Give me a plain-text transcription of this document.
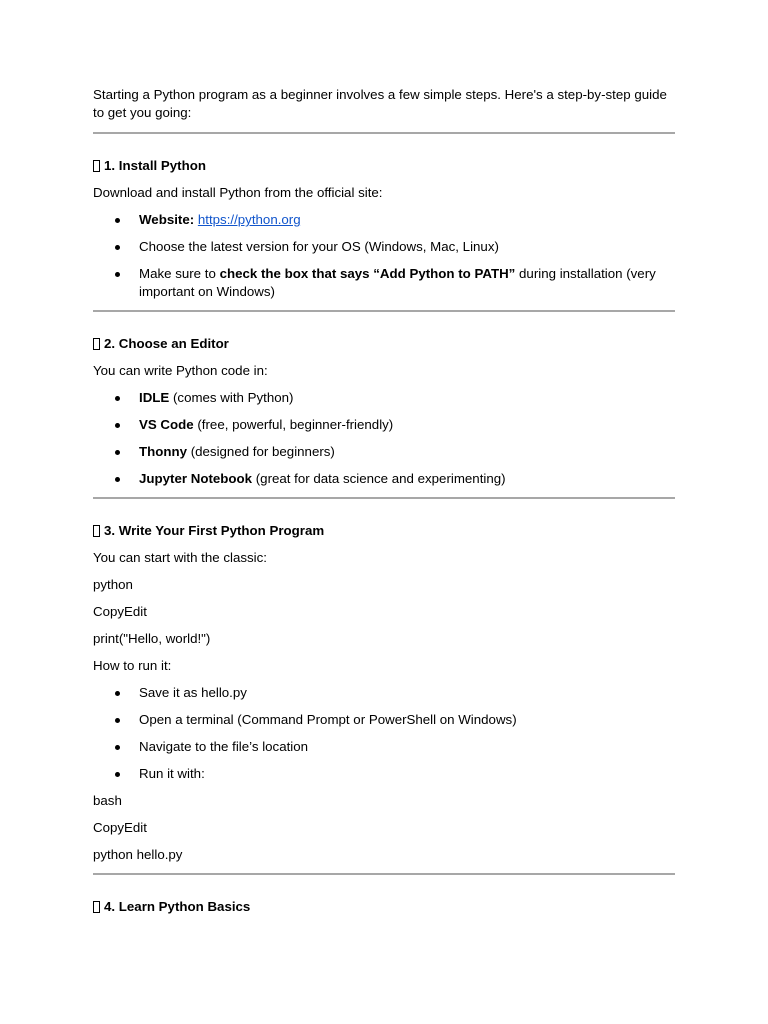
Starting a Python program as a beginner involves a few simple steps. Here's a step-by-step guide to get you going:

1. Install Python

Download and install Python from the official site:

Website: https://python.org
Choose the latest version for your OS (Windows, Mac, Linux)
Make sure to check the box that says “Add Python to PATH” during installation (very important on Windows)
2. Choose an Editor

You can write Python code in:

IDLE (comes with Python)
VS Code (free, powerful, beginner-friendly)
Thonny (designed for beginners)
Jupyter Notebook (great for data science and experimenting)
3. Write Your First Python Program

You can start with the classic:

python

CopyEdit

print("Hello, world!")

How to run it:

Save it as hello.py
Open a terminal (Command Prompt or PowerShell on Windows)
Navigate to the file’s location
Run it with:

bash

CopyEdit

python hello.py

4. Learn Python Basics
